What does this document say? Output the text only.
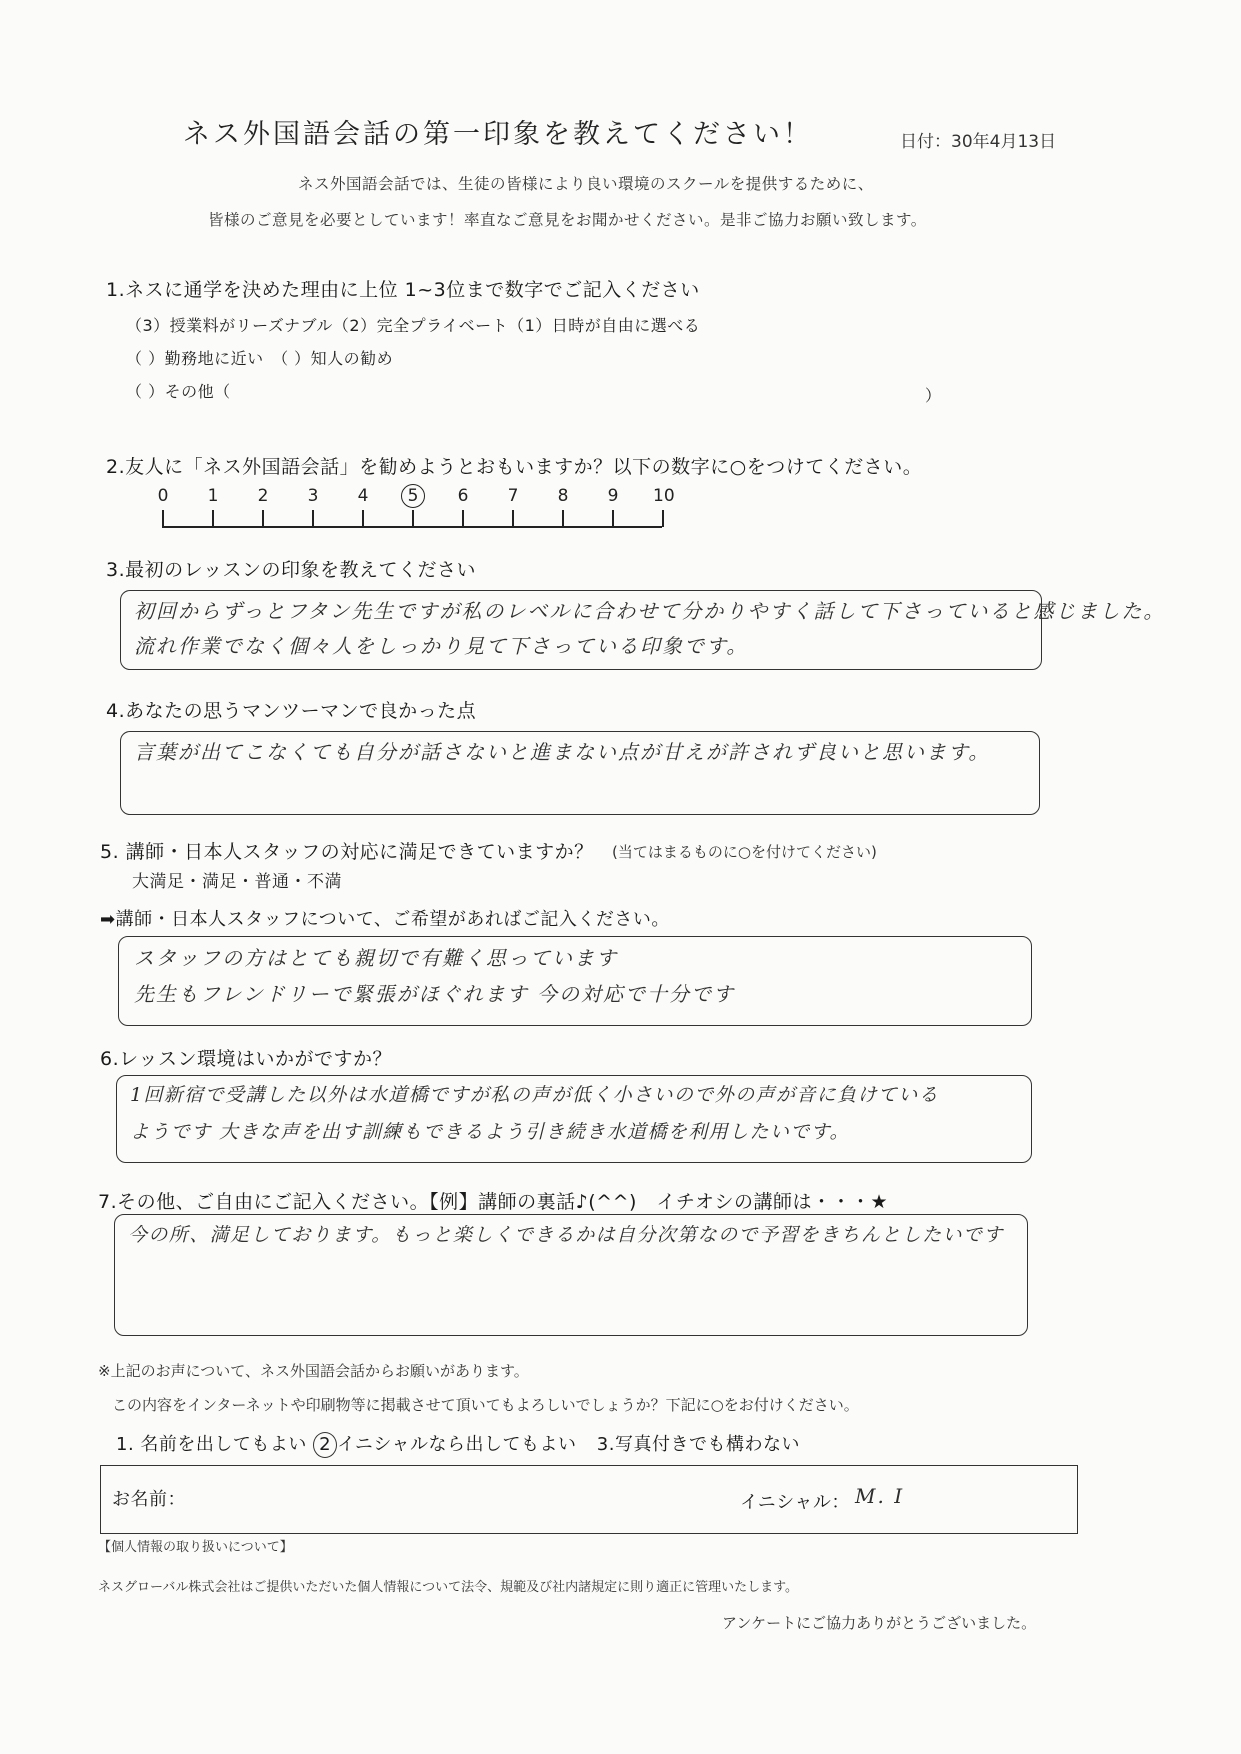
ネス外国語会話の第一印象を教えてください！	日付：30年4月13日
ネス外国語会話では、生徒の皆様により良い環境のスクールを提供するために、
皆様のご意見を必要としています！率直なご意見をお聞かせください。是非ご協力お願い致します。
1.ネスに通学を決めた理由に上位 1~3位まで数字でご記入ください
（3）授業料がリーズナブル（2）完全プライベート（1）日時が自由に選べる
（ ）勤務地に近い　（ ）知人の勧め
（ ）その他（	）
2.友人に「ネス外国語会話」を勧めようとおもいますか？以下の数字に○をつけてください。
0 1 2 3 4	5	6 7 8 9 10
3.最初のレッスンの印象を教えてください
初回からずっとフタン先生ですが私のレベルに合わせて分かりやすく話して下さっていると感じました。
流れ作業でなく個々人をしっかり見て下さっている印象です。
4.あなたの思うマンツーマンで良かった点
言葉が出てこなくても自分が話さないと進まない点が甘えが許されず良いと思います。
5. 講師・日本人スタッフの対応に満足できていますか？ (当てはまるものに○を付けてください)
大満足・満足・普通・不満
➡講師・日本人スタッフについて、ご希望があればご記入ください。
スタッフの方はとても親切で有難く思っています
先生もフレンドリーで緊張がほぐれます 今の対応で十分です
6.レッスン環境はいかがですか？
1回新宿で受講した以外は水道橋ですが私の声が低く小さいので外の声が音に負けている
ようです 大きな声を出す訓練もできるよう引き続き水道橋を利用したいです。
7.その他、ご自由にご記入ください。【例】講師の裏話♪(^^)　イチオシの講師は・・・★
今の所、満足しております。もっと楽しくできるかは自分次第なので予習をきちんとしたいです
※上記のお声について、ネス外国語会話からお願いがあります。
この内容をインターネットや印刷物等に掲載させて頂いてもよろしいでしょうか？下記に○をお付けください。
1. 名前を出してもよい 2 イニシャルなら出してもよい 3.写真付きでも構わない
お名前：	イニシャル： M. I
【個人情報の取り扱いについて】
ネスグローバル株式会社はご提供いただいた個人情報について法令、規範及び社内諸規定に則り適正に管理いたします。
アンケートにご協力ありがとうございました。
